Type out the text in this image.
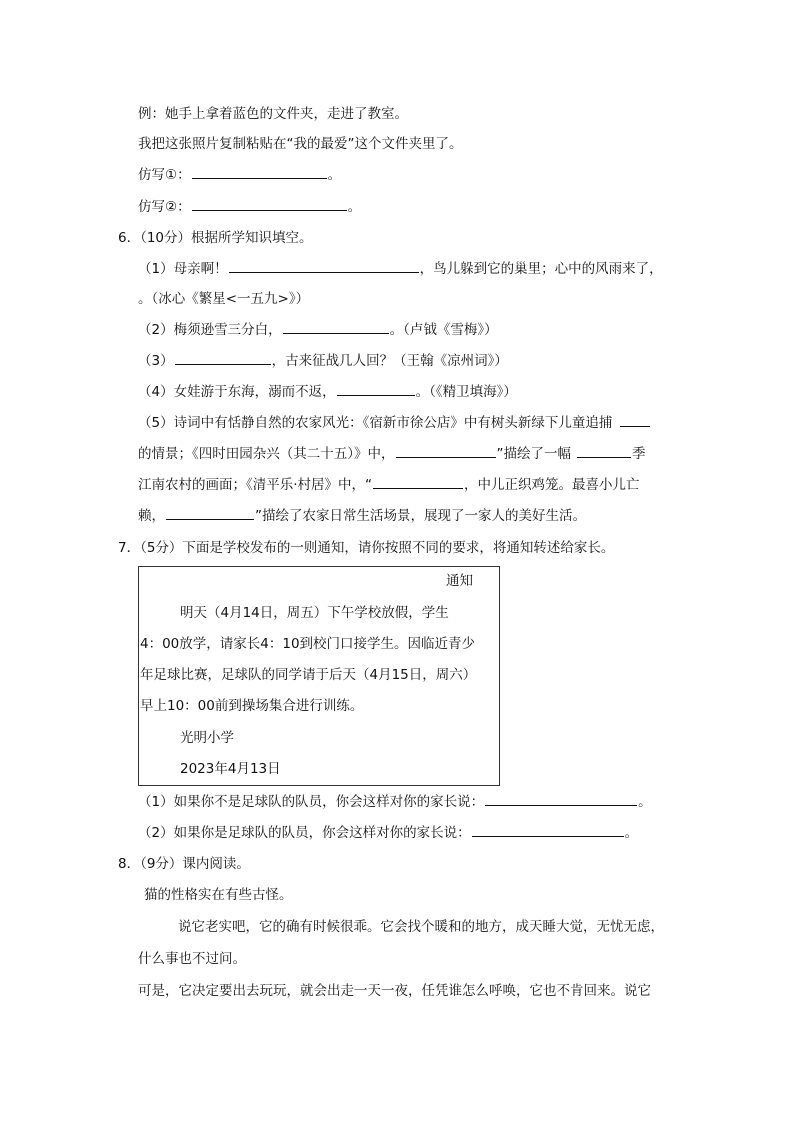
例：她手上拿着蓝色的文件夹，走进了教室。
我把这张照片复制粘贴在“我的最爱”这个文件夹里了。
仿写①：	。
仿写②：	。
6．（10分）根据所学知识填空。
（1）母亲啊！	，鸟儿躲到它的巢里；心中的风雨来了，
。（冰心《繁星<一五九>》）
（2）梅须逊雪三分白，	。（卢钺《雪梅》）
（3）	，古来征战几人回？（王翰《凉州词》）
（4）女娃游于东海，溺而不返，	。（《精卫填海》）
（5）诗词中有恬静自然的农家风光：《宿新市徐公店》中有树头新绿下儿童追捕
的情景；《四时田园杂兴（其二十五）》中，	”描绘了一幅	季
江南农村的画面；《清平乐·村居》中，“	，中儿正织鸡笼。最喜小儿亡
赖，	”描绘了农家日常生活场景，展现了一家人的美好生活。
7．（5分）下面是学校发布的一则通知，请你按照不同的要求，将通知转述给家长。
通知
明天（4月14日，周五）下午学校放假，学生
4：00放学，请家长4：10到校门口接学生。因临近青少
年足球比赛，足球队的同学请于后天（4月15日，周六）
早上10：00前到操场集合进行训练。
光明小学
2023年4月13日
（1）如果你不是足球队的队员，你会这样对你的家长说：	。
（2）如果你是足球队的队员，你会这样对你的家长说：	。
8．（9分）课内阅读。
猫的性格实在有些古怪。
说它老实吧，它的确有时候很乖。它会找个暖和的地方，成天睡大觉，无忧无虑，
什么事也不过问。
可是，它决定要出去玩玩，就会出走一天一夜，任凭谁怎么呼唤，它也不肯回来。说它
